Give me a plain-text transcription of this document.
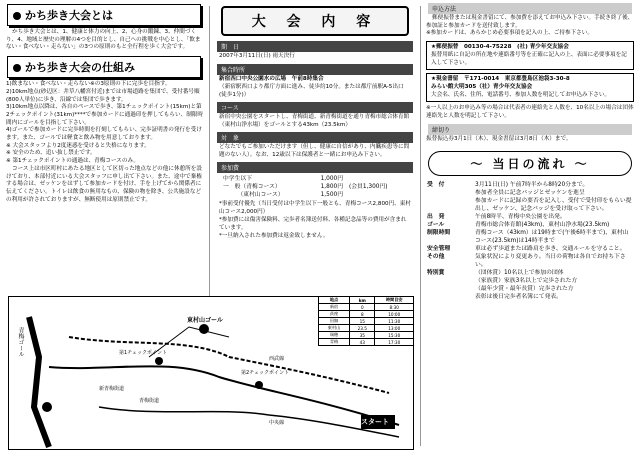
かち歩き大会とは
かち歩き大会とは、1、健康と体力の向上、2、心身の鍛錬、3、仲間づくり、4、地域と歴史の理解の4つを目的とし、自己への挑戦を中心とし、「飲まない・食べない・走らない」の3つの原則のもと全行程を歩く大会です。
かち歩き大会の仕組み
1)飲まない・食べない・走らない※の3原則の下に完歩を目指す。
2)10km地点(砂辺区：井草八幡宮付近)までは市場道路を集団で、受付番号順(800人単位)に歩き、沿線では集団で歩きます。
3)10km地点以降は、各自のペースで歩き、第1チェックポイント(15km)と第2チェックポイント(31km)****で参加カードに通過印を押してもらい、制限時間内にゴールを目指して下さい。
4)ゴールで参加カードに完歩時間を打刻してもらい、完歩証明書の発行を受けます。また、ゴールでは軽食と飲み物を用意しております。
※ 大会スタッフより2度迷惑を受けると失格になります。
※ 安全のため、追い抜し禁止です。
※ 第1チェックポイントの通過は、青梅コースのみ。
コース上は市区町村にあたる地区として区切った地点などの他に休憩所を設けており、本部付近にいる大会スタッフに申し出て下さい。また、途中で棄権する場合は、ゼッケンをはずして参加カードを付け、手を上げてから関係者に伝えてください。トイレは飲食の無用なもの、保険の物を除き、公共施設などの利用が許されておりますが、無断使用は原則禁止です。
大 会 内 容
期　日
2007年3月11日(日) 雨天決行
集合時所
新宿西口中央公園水の広場　午前8時集合
（新宿駅西口より都庁方面に進み、徒歩約10分。または都庁前駅A-5出口(徒歩1分)）
コース
新宿中央公園をスタートし、青梅街道、新青梅街道を通り青梅市総合体育館（東村山浄水場）をゴールとする43km（23.5km）
対　象
どなたでもご参加いただけます（但し、健康に自信があり、内臓疾患等に問題のない人）。なお、12歳以下は保護者と一緒にお申込み下さい。
参加費
中学生以下	1,000円
一　般（青梅コース）	1,800円 (会員1,300円)
　　　（東村山コース）	1,500円
*事前受付優先（当日受付は中学生以下一般とも、青梅コース2,800円、東村山コース2,000円）
*参加費には傷害保険料、完歩者名簿送付料、各種記念品等の費用が含まれています。
*一旦納入された参加費は返金致しません。
青梅ゴール
東村山ゴール
第1チェックポイント
第2チェックポイント
スタート
西武線
中央線
新青梅街道
青梅街道
地点	km	時間目安
新宿	0	8:30
荻窪	8	10:00
田無	15	11:30
東村山	23.5	13:00
瑞穂	35	15:30
青梅	43	17:30
申込方法
郵便振替または現金書留にて、参加費を添えてお申込み下さい。手続き終了後、参加証と参加カードを送付致します。
※参加カードは、あらかじめ必要事項を記入の上、ご持参下さい。
★郵便振替　 00130-4-75228　(社) 青少年交友協会
振替用紙に自記の所在地や連絡番号等を正確に記入の上、表面に必要事項を記入して下さい。
★現金書留　 〒171-0014　東京都豊島区池袋3-30-8
みらい館大明305（社）青少年交友協会
大会名、氏名、住所、電話番号、参加人数を明記してお申込み下さい。
※一人以上のお申込み等の場合は代表者の連絡先と人数を、10名以上の場合は団体連絡先と人数を明記して下さい。
締切り
振替振込券3月1日（木）、現金書留は3月8日（木）まで。
～ 当日の流れ ～
受　付	3月11日(日) 午前7時半から8時20分まで。
参加者全員に記念バッジとゼッケンを進呈
参加カードに記録の要否を記入し、受付で受付印をもらい提出し、ゼッケン、記念バッジを受け取って下さい。
出　発	午前8時半、青梅中央公園を出発。
ゴール	青梅市総合体育館(43km)、東村山浄水場(23.5km)
制限時間	青梅コース（43km）は19時まで(午後6時半まで)、東村山コース(23.5km)は14時半まで
安全管理	車は必ず歩道または路肩を歩き、交通ルールを守ること。
その他	気象状況により変更あり。当日の荷物は各自でお持ち下さい。
特別賞	（団体賞）10名以上で参加の団体
（家族賞）家族3名以上で完歩された方
（最年少賞・最年長賞）完歩された方
表彰は後日完歩者名簿にて発表。
